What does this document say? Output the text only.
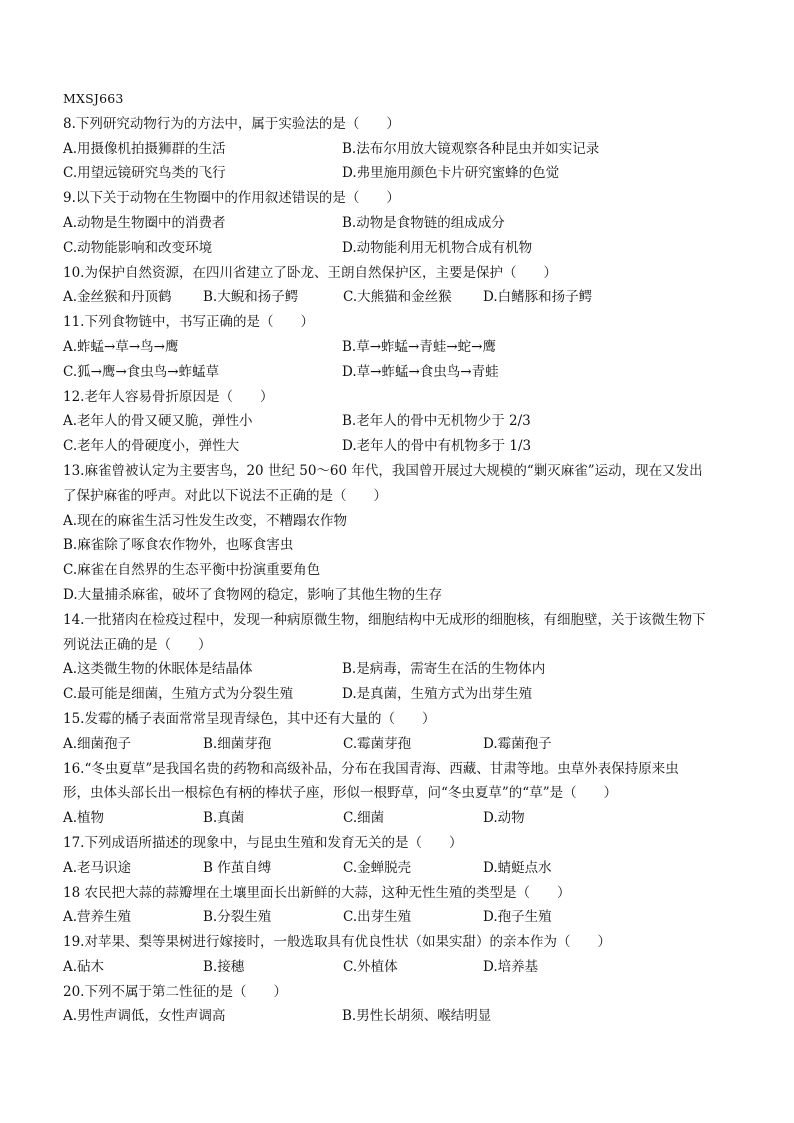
MXSJ663
8.下列研究动物行为的方法中，属于实验法的是（　　）
A.用摄像机拍摄狮群的生活	B.法布尔用放大镜观察各种昆虫并如实记录
C.用望远镜研究鸟类的飞行	D.弗里施用颜色卡片研究蜜蜂的色觉
9.以下关于动物在生物圈中的作用叙述错误的是（　　）
A.动物是生物圈中的消费者	B.动物是食物链的组成成分
C.动物能影响和改变环境	D.动物能利用无机物合成有机物
10.为保护自然资源，在四川省建立了卧龙、王朗自然保护区，主要是保护（　　）
A.金丝猴和丹顶鹤	B.大鲵和扬子鳄	C.大熊猫和金丝猴	D.白鳍豚和扬子鳄
11.下列食物链中，书写正确的是（　　）
A.蚱蜢→草→鸟→鹰	B.草→蚱蜢→青蛙→蛇→鹰
C.狐→鹰→食虫鸟→蚱蜢草	D.草→蚱蜢→食虫鸟→青蛙
12.老年人容易骨折原因是（　　）
A.老年人的骨又硬又脆，弹性小	B.老年人的骨中无机物少于 2/3
C.老年人的骨硬度小，弹性大	D.老年人的骨中有机物多于 1/3
13.麻雀曾被认定为主要害鸟，20 世纪 50～60 年代，我国曾开展过大规模的“剿灭麻雀”运动，现在又发出
了保护麻雀的呼声。对此以下说法不正确的是（　　）
A.现在的麻雀生活习性发生改变，不糟蹋农作物
B.麻雀除了啄食农作物外，也啄食害虫
C.麻雀在自然界的生态平衡中扮演重要角色
D.大量捕杀麻雀，破坏了食物网的稳定，影响了其他生物的生存
14.一批猪肉在检疫过程中，发现一种病原微生物，细胞结构中无成形的细胞核，有细胞壁，关于该微生物下
列说法正确的是（　　）
A.这类微生物的休眠体是结晶体	B.是病毒，需寄生在活的生物体内
C.最可能是细菌，生殖方式为分裂生殖	D.是真菌，生殖方式为出芽生殖
15.发霉的橘子表面常常呈现青绿色，其中还有大量的（　　）
A.细菌孢子	B.细菌芽孢	C.霉菌芽孢	D.霉菌孢子
16.“冬虫夏草”是我国名贵的药物和高级补品，分布在我国青海、西藏、甘肃等地。虫草外表保持原来虫
形，虫体头部长出一根棕色有柄的棒状子座，形似一根野草，问“冬虫夏草”的“草”是（　　）
A.植物	B.真菌	C.细菌	D.动物
17.下列成语所描述的现象中，与昆虫生殖和发育无关的是（　　）
A.老马识途	B 作茧自缚	C.金蝉脱壳	D.蜻蜓点水
18 农民把大蒜的蒜瓣埋在土壤里面长出新鲜的大蒜，这种无性生殖的类型是（　　）
A.营养生殖	B.分裂生殖	C.出芽生殖	D.孢子生殖
19.对苹果、梨等果树进行嫁接时，一般选取具有优良性状（如果实甜）的亲本作为（　　）
A.砧木	B.接穗	C.外植体	D.培养基
20.下列不属于第二性征的是（　　）
A.男性声调低，女性声调高	B.男性长胡须、喉结明显
